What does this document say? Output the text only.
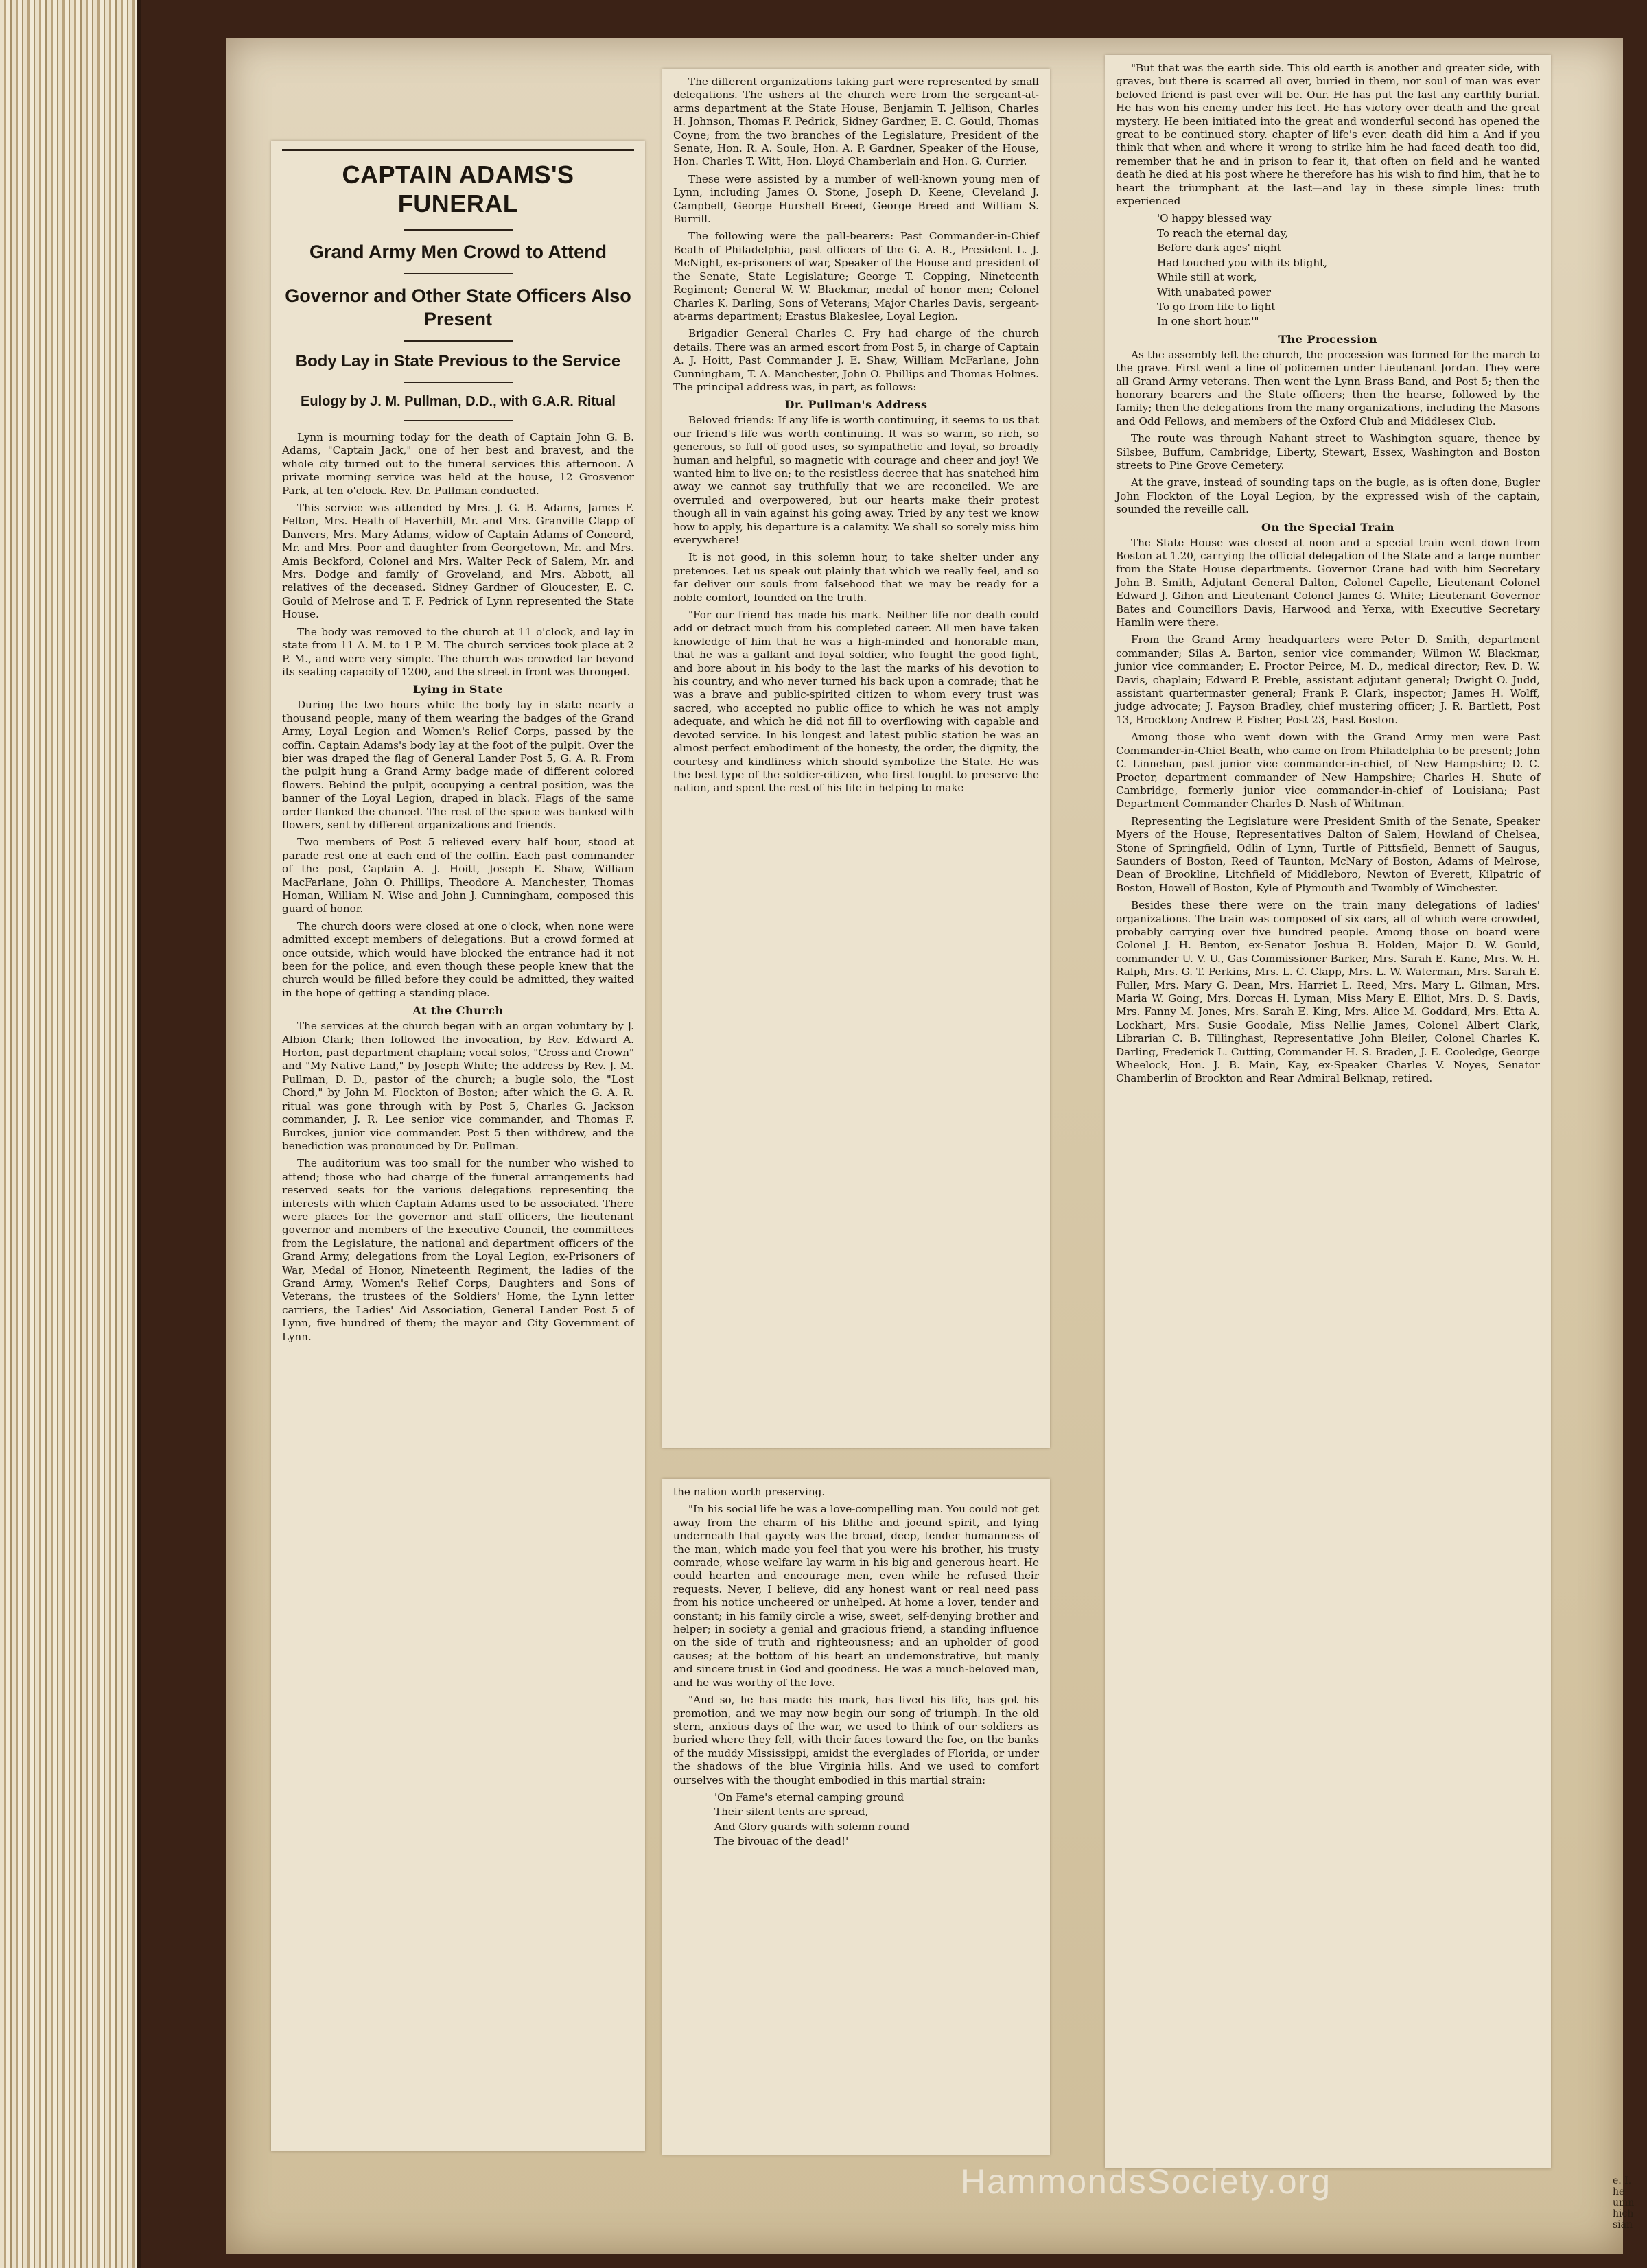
CAPTAIN ADAMS'S FUNERAL
Grand Army Men Crowd to Attend
Governor and Other State Officers Also Present
Body Lay in State Previous to the Service
Eulogy by J. M. Pullman, D.D., with G.A.R. Ritual

Lynn is mourning today for the death of Captain John G. B. Adams, "Captain Jack," one of her best and bravest, and the whole city turned out to the funeral services this afternoon. A private morning service was held at the house, 12 Grosvenor Park, at ten o'clock. Rev. Dr. Pullman conducted.

This service was attended by Mrs. J. G. B. Adams, James F. Felton, Mrs. Heath of Haverhill, Mr. and Mrs. Granville Clapp of Danvers, Mrs. Mary Adams, widow of Captain Adams of Concord, Mr. and Mrs. Poor and daughter from Georgetown, Mr. and Mrs. Amis Beckford, Colonel and Mrs. Walter Peck of Salem, Mr. and Mrs. Dodge and family of Groveland, and Mrs. Abbott, all relatives of the deceased. Sidney Gardner of Gloucester, E. C. Gould of Melrose and T. F. Pedrick of Lynn represented the State House.

The body was removed to the church at 11 o'clock, and lay in state from 11 A. M. to 1 P. M. The church services took place at 2 P. M., and were very simple. The church was crowded far beyond its seating capacity of 1200, and the street in front was thronged.

Lying in State

During the two hours while the body lay in state nearly a thousand people, many of them wearing the badges of the Grand Army, Loyal Legion and Women's Relief Corps, passed by the coffin. Captain Adams's body lay at the foot of the pulpit. Over the bier was draped the flag of General Lander Post 5, G. A. R. From the pulpit hung a Grand Army badge made of different colored flowers. Behind the pulpit, occupying a central position, was the banner of the Loyal Legion, draped in black. Flags of the same order flanked the chancel. The rest of the space was banked with flowers, sent by different organizations and friends.

Two members of Post 5 relieved every half hour, stood at parade rest one at each end of the coffin. Each past commander of the post, Captain A. J. Hoitt, Joseph E. Shaw, William MacFarlane, John O. Phillips, Theodore A. Manchester, Thomas Homan, William N. Wise and John J. Cunningham, composed this guard of honor.

The church doors were closed at one o'clock, when none were admitted except members of delegations. But a crowd formed at once outside, which would have blocked the entrance had it not been for the police, and even though these people knew that the church would be filled before they could be admitted, they waited in the hope of getting a standing place.

At the Church

The services at the church began with an organ voluntary by J. Albion Clark; then followed the invocation, by Rev. Edward A. Horton, past department chaplain; vocal solos, "Cross and Crown" and "My Native Land," by Joseph White; the address by Rev. J. M. Pullman, D. D., pastor of the church; a bugle solo, the "Lost Chord," by John M. Flockton of Boston; after which the G. A. R. ritual was gone through with by Post 5, Charles G. Jackson commander, J. R. Lee senior vice commander, and Thomas F. Burckes, junior vice commander. Post 5 then withdrew, and the benediction was pronounced by Dr. Pullman.

The auditorium was too small for the number who wished to attend; those who had charge of the funeral arrangements had reserved seats for the various delegations representing the interests with which Captain Adams used to be associated. There were places for the governor and staff officers, the lieutenant governor and members of the Executive Council, the committees from the Legislature, the national and department officers of the Grand Army, delegations from the Loyal Legion, ex-Prisoners of War, Medal of Honor, Nineteenth Regiment, the ladies of the Grand Army, Women's Relief Corps, Daughters and Sons of Veterans, the trustees of the Soldiers' Home, the Lynn letter carriers, the Ladies' Aid Association, General Lander Post 5 of Lynn, five hundred of them; the mayor and City Government of Lynn.

The different organizations taking part were represented by small delegations. The ushers at the church were from the sergeant-at-arms department at the State House, Benjamin T. Jellison, Charles H. Johnson, Thomas F. Pedrick, Sidney Gardner, E. C. Gould, Thomas Coyne; from the two branches of the Legislature, President of the Senate, Hon. R. A. Soule, Hon. A. P. Gardner, Speaker of the House, Hon. Charles T. Witt, Hon. Lloyd Chamberlain and Hon. G. Currier.

These were assisted by a number of well-known young men of Lynn, including James O. Stone, Joseph D. Keene, Cleveland J. Campbell, George Hurshell Breed, George Breed and William S. Burrill.

The following were the pall-bearers: Past Commander-in-Chief Beath of Philadelphia, past officers of the G. A. R., President L. J. McNight, ex-prisoners of war, Speaker of the House and president of the Senate, State Legislature; George T. Copping, Nineteenth Regiment; General W. W. Blackmar, medal of honor men; Colonel Charles K. Darling, Sons of Veterans; Major Charles Davis, sergeant-at-arms department; Erastus Blakeslee, Loyal Legion.

Brigadier General Charles C. Fry had charge of the church details. There was an armed escort from Post 5, in charge of Captain A. J. Hoitt, Past Commander J. E. Shaw, William McFarlane, John Cunningham, T. A. Manchester, John O. Phillips and Thomas Holmes. The principal address was, in part, as follows:

Dr. Pullman's Address

Beloved friends: If any life is worth continuing, it seems to us that our friend's life was worth continuing. It was so warm, so rich, so generous, so full of good uses, so sympathetic and loyal, so broadly human and helpful, so magnetic with courage and cheer and joy! We wanted him to live on; to the resistless decree that has snatched him away we cannot say truthfully that we are reconciled. We are overruled and overpowered, but our hearts make their protest though all in vain against his going away. Tried by any test we know how to apply, his departure is a calamity. We shall so sorely miss him everywhere!

It is not good, in this solemn hour, to take shelter under any pretences. Let us speak out plainly that which we really feel, and so far deliver our souls from falsehood that we may be ready for a noble comfort, founded on the truth.

"For our friend has made his mark. Neither life nor death could add or detract much from his completed career. All men have taken knowledge of him that he was a high-minded and honorable man, that he was a gallant and loyal soldier, who fought the good fight, and bore about in his body to the last the marks of his devotion to his country, and who never turned his back upon a comrade; that he was a brave and public-spirited citizen to whom every trust was sacred, who accepted no public office to which he was not amply adequate, and which he did not fill to overflowing with capable and devoted service. In his longest and latest public station he was an almost perfect embodiment of the honesty, the order, the dignity, the courtesy and kindliness which should symbolize the State. He was the best type of the soldier-citizen, who first fought to preserve the nation, and spent the rest of his life in helping to make

the nation worth preserving.

"In his social life he was a love-compelling man. You could not get away from the charm of his blithe and jocund spirit, and lying underneath that gayety was the broad, deep, tender humanness of the man, which made you feel that you were his brother, his trusty comrade, whose welfare lay warm in his big and generous heart. He could hearten and encourage men, even while he refused their requests. Never, I believe, did any honest want or real need pass from his notice uncheered or unhelped. At home a lover, tender and constant; in his family circle a wise, sweet, self-denying brother and helper; in society a genial and gracious friend, a standing influence on the side of truth and righteousness; and an upholder of good causes; at the bottom of his heart an undemonstrative, but manly and sincere trust in God and goodness. He was a much-beloved man, and he was worthy of the love.

"And so, he has made his mark, has lived his life, has got his promotion, and we may now begin our song of triumph. In the old stern, anxious days of the war, we used to think of our soldiers as buried where they fell, with their faces toward the foe, on the banks of the muddy Mississippi, amidst the everglades of Florida, or under the shadows of the blue Virginia hills. And we used to comfort ourselves with the thought embodied in this martial strain:

'On Fame's eternal camping ground
Their silent tents are spread,
And Glory guards with solemn round
The bivouac of the dead!'

"But that was the earth side. This old earth is another and greater side, with graves, but there is scarred all over, buried in them, nor soul of man was ever beloved friend is past ever will be. Our. He has put the last any earthly burial. He has won his enemy under his feet. He has victory over death and the great mystery. He been initiated into the great and wonderful second has opened the great to be continued story. chapter of life's ever. death did him a And if you think that when and where it wrong to strike him he had faced death too did, remember that he and in prison to fear it, that often on field and he wanted death he died at his post where he therefore has his wish to find him, that he to heart the triumphant at the last—and lay in these simple lines: truth experienced

'O happy blessed way
To reach the eternal day,
Before dark ages' night
Had touched you with its blight,
While still at work,
With unabated power
To go from life to light
In one short hour.'"
The Procession

As the assembly left the church, the procession was formed for the march to the grave. First went a line of policemen under Lieutenant Jordan. They were all Grand Army veterans. Then went the Lynn Brass Band, and Post 5; then the honorary bearers and the State officers; then the hearse, followed by the family; then the delegations from the many organizations, including the Masons and Odd Fellows, and members of the Oxford Club and Middlesex Club.

The route was through Nahant street to Washington square, thence by Silsbee, Buffum, Cambridge, Liberty, Stewart, Essex, Washington and Boston streets to Pine Grove Cemetery.

At the grave, instead of sounding taps on the bugle, as is often done, Bugler John Flockton of the Loyal Legion, by the expressed wish of the captain, sounded the reveille call.

On the Special Train

The State House was closed at noon and a special train went down from Boston at 1.20, carrying the official delegation of the State and a large number from the State House departments. Governor Crane had with him Secretary John B. Smith, Adjutant General Dalton, Colonel Capelle, Lieutenant Colonel Edward J. Gihon and Lieutenant Colonel James G. White; Lieutenant Governor Bates and Councillors Davis, Harwood and Yerxa, with Executive Secretary Hamlin were there.

From the Grand Army headquarters were Peter D. Smith, department commander; Silas A. Barton, senior vice commander; Wilmon W. Blackmar, junior vice commander; E. Proctor Peirce, M. D., medical director; Rev. D. W. Davis, chaplain; Edward P. Preble, assistant adjutant general; Dwight O. Judd, assistant quartermaster general; Frank P. Clark, inspector; James H. Wolff, judge advocate; J. Payson Bradley, chief mustering officer; J. R. Bartlett, Post 13, Brockton; Andrew P. Fisher, Post 23, East Boston.

Among those who went down with the Grand Army men were Past Commander-in-Chief Beath, who came on from Philadelphia to be present; John C. Linnehan, past junior vice commander-in-chief, of New Hampshire; D. C. Proctor, department commander of New Hampshire; Charles H. Shute of Cambridge, formerly junior vice commander-in-chief of Louisiana; Past Department Commander Charles D. Nash of Whitman.

Representing the Legislature were President Smith of the Senate, Speaker Myers of the House, Representatives Dalton of Salem, Howland of Chelsea, Stone of Springfield, Odlin of Lynn, Turtle of Pittsfield, Bennett of Saugus, Saunders of Boston, Reed of Taunton, McNary of Boston, Adams of Melrose, Dean of Brookline, Litchfield of Middleboro, Newton of Everett, Kilpatric of Boston, Howell of Boston, Kyle of Plymouth and Twombly of Winchester.

Besides these there were on the train many delegations of ladies' organizations. The train was composed of six cars, all of which were crowded, probably carrying over five hundred people. Among those on board were Colonel J. H. Benton, ex-Senator Joshua B. Holden, Major D. W. Gould, commander U. V. U., Gas Commissioner Barker, Mrs. Sarah E. Kane, Mrs. W. H. Ralph, Mrs. G. T. Perkins, Mrs. L. C. Clapp, Mrs. L. W. Waterman, Mrs. Sarah E. Fuller, Mrs. Mary G. Dean, Mrs. Harriet L. Reed, Mrs. Mary L. Gilman, Mrs. Maria W. Going, Mrs. Dorcas H. Lyman, Miss Mary E. Elliot, Mrs. D. S. Davis, Mrs. Fanny M. Jones, Mrs. Sarah E. King, Mrs. Alice M. Goddard, Mrs. Etta A. Lockhart, Mrs. Susie Goodale, Miss Nellie James, Colonel Albert Clark, Librarian C. B. Tillinghast, Representative John Bleiler, Colonel Charles K. Darling, Frederick L. Cutting, Commander H. S. Braden, J. E. Cooledge, George Wheelock, Hon. J. B. Main, Kay, ex-Speaker Charles V. Noyes, Senator Chamberlin of Brockton and Rear Admiral Belknap, retired.

e. I. he umn hich sian
HammondsSociety.org
